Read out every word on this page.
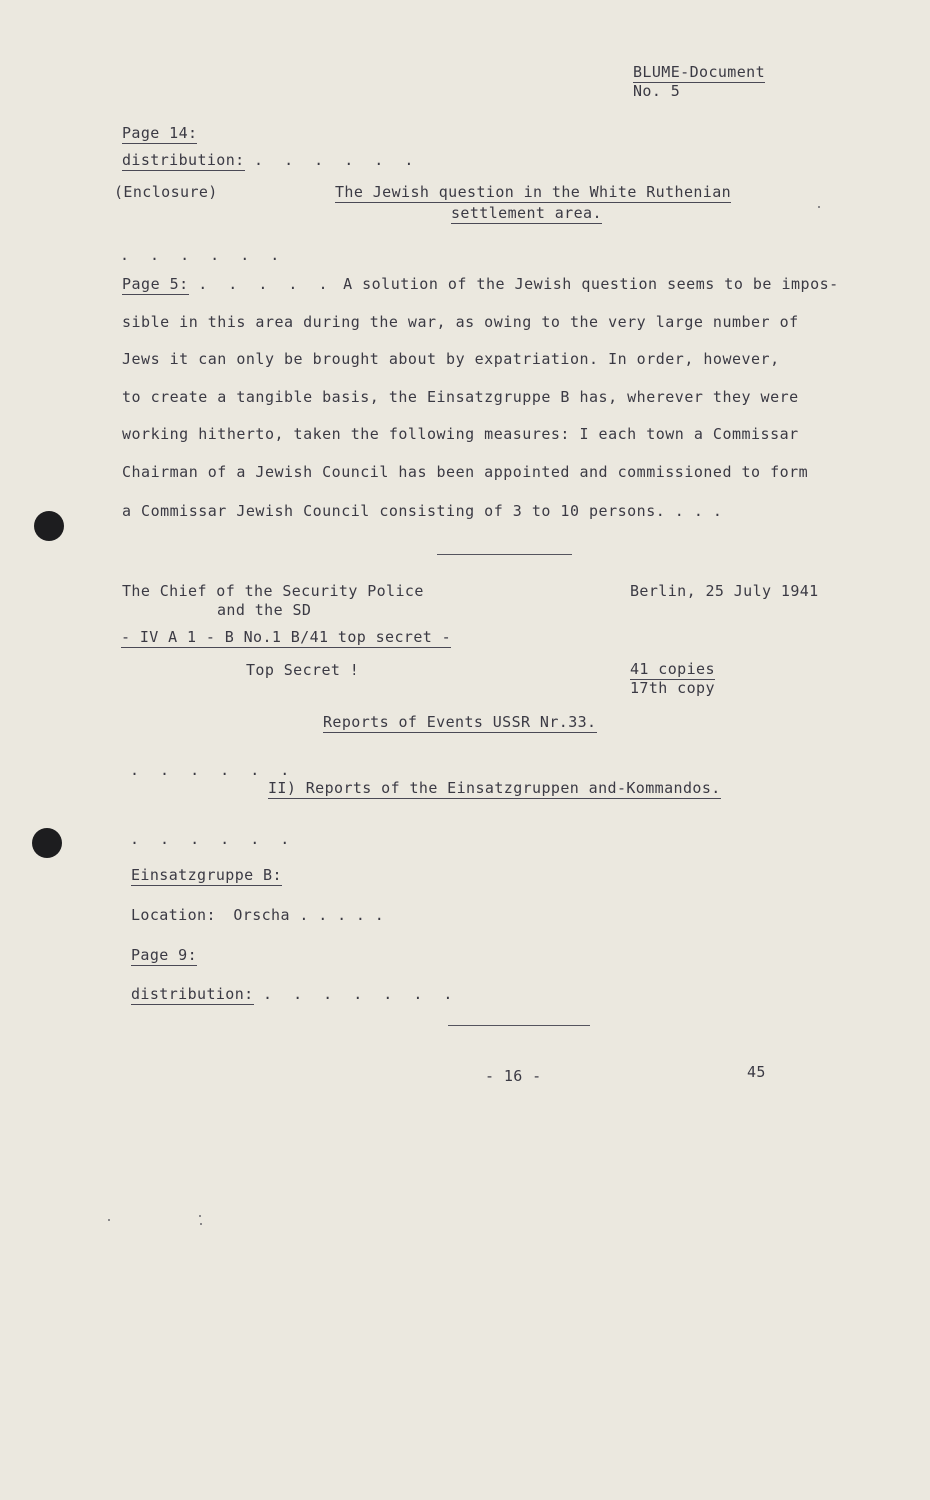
BLUME-Document
No. 5
Page 14:
distribution: . . . . . .
(Enclosure)	The Jewish question in the White Ruthenian
settlement area.
. . . . . .
Page 5: . . . . . A solution of the Jewish question seems to be impos-
sible in this area during the war, as owing to the very large number of
Jews it can only be brought about by expatriation. In order, however,
to create a tangible basis, the Einsatzgruppe B has, wherever they were
working hitherto, taken the following measures: I each town a Commissar
Chairman of a Jewish Council has been appointed and commissioned to form
a Commissar Jewish Council consisting of 3 to 10 persons. . . .
The Chief of the Security Police
and the SD
- IV A 1 - B No.1 B/41 top secret -
Berlin, 25 July 1941
Top Secret !	41 copies
17th copy
Reports of Events USSR Nr.33.
. . . . . .
II) Reports of the Einsatzgruppen and-Kommandos.
. . . . . .
Einsatzgruppe B:
Location: Orscha . . . . .
Page 9:
distribution: . . . . . . .
- 16 -	45
